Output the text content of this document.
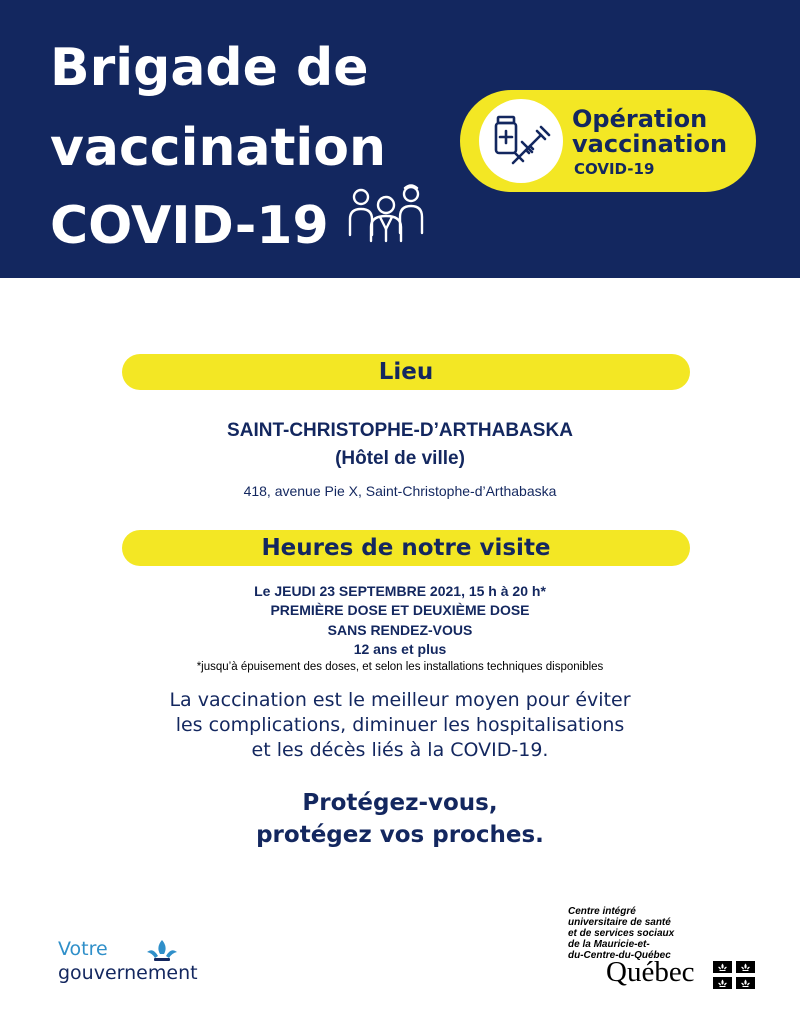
Brigade de
vaccination
COVID-19
Opération
vaccination
COVID-19
Lieu
SAINT-CHRISTOPHE-D’ARTHABASKA
(Hôtel de ville)
418, avenue Pie X, Saint-Christophe-d’Arthabaska
Heures de notre visite
Le JEUDI 23 SEPTEMBRE 2021, 15 h à 20 h*
PREMIÈRE DOSE ET DEUXIÈME DOSE
SANS RENDEZ-VOUS
12 ans et plus
*jusqu’à épuisement des doses, et selon les installations techniques disponibles
La vaccination est le meilleur moyen pour éviter
les complications, diminuer les hospitalisations
et les décès liés à la COVID-19.
Protégez-vous,
protégez vos proches.
Votre
gouvernement
Centre intégré
universitaire de santé
et de services sociaux
de la Mauricie-et-
du-Centre-du-Québec
Québec
